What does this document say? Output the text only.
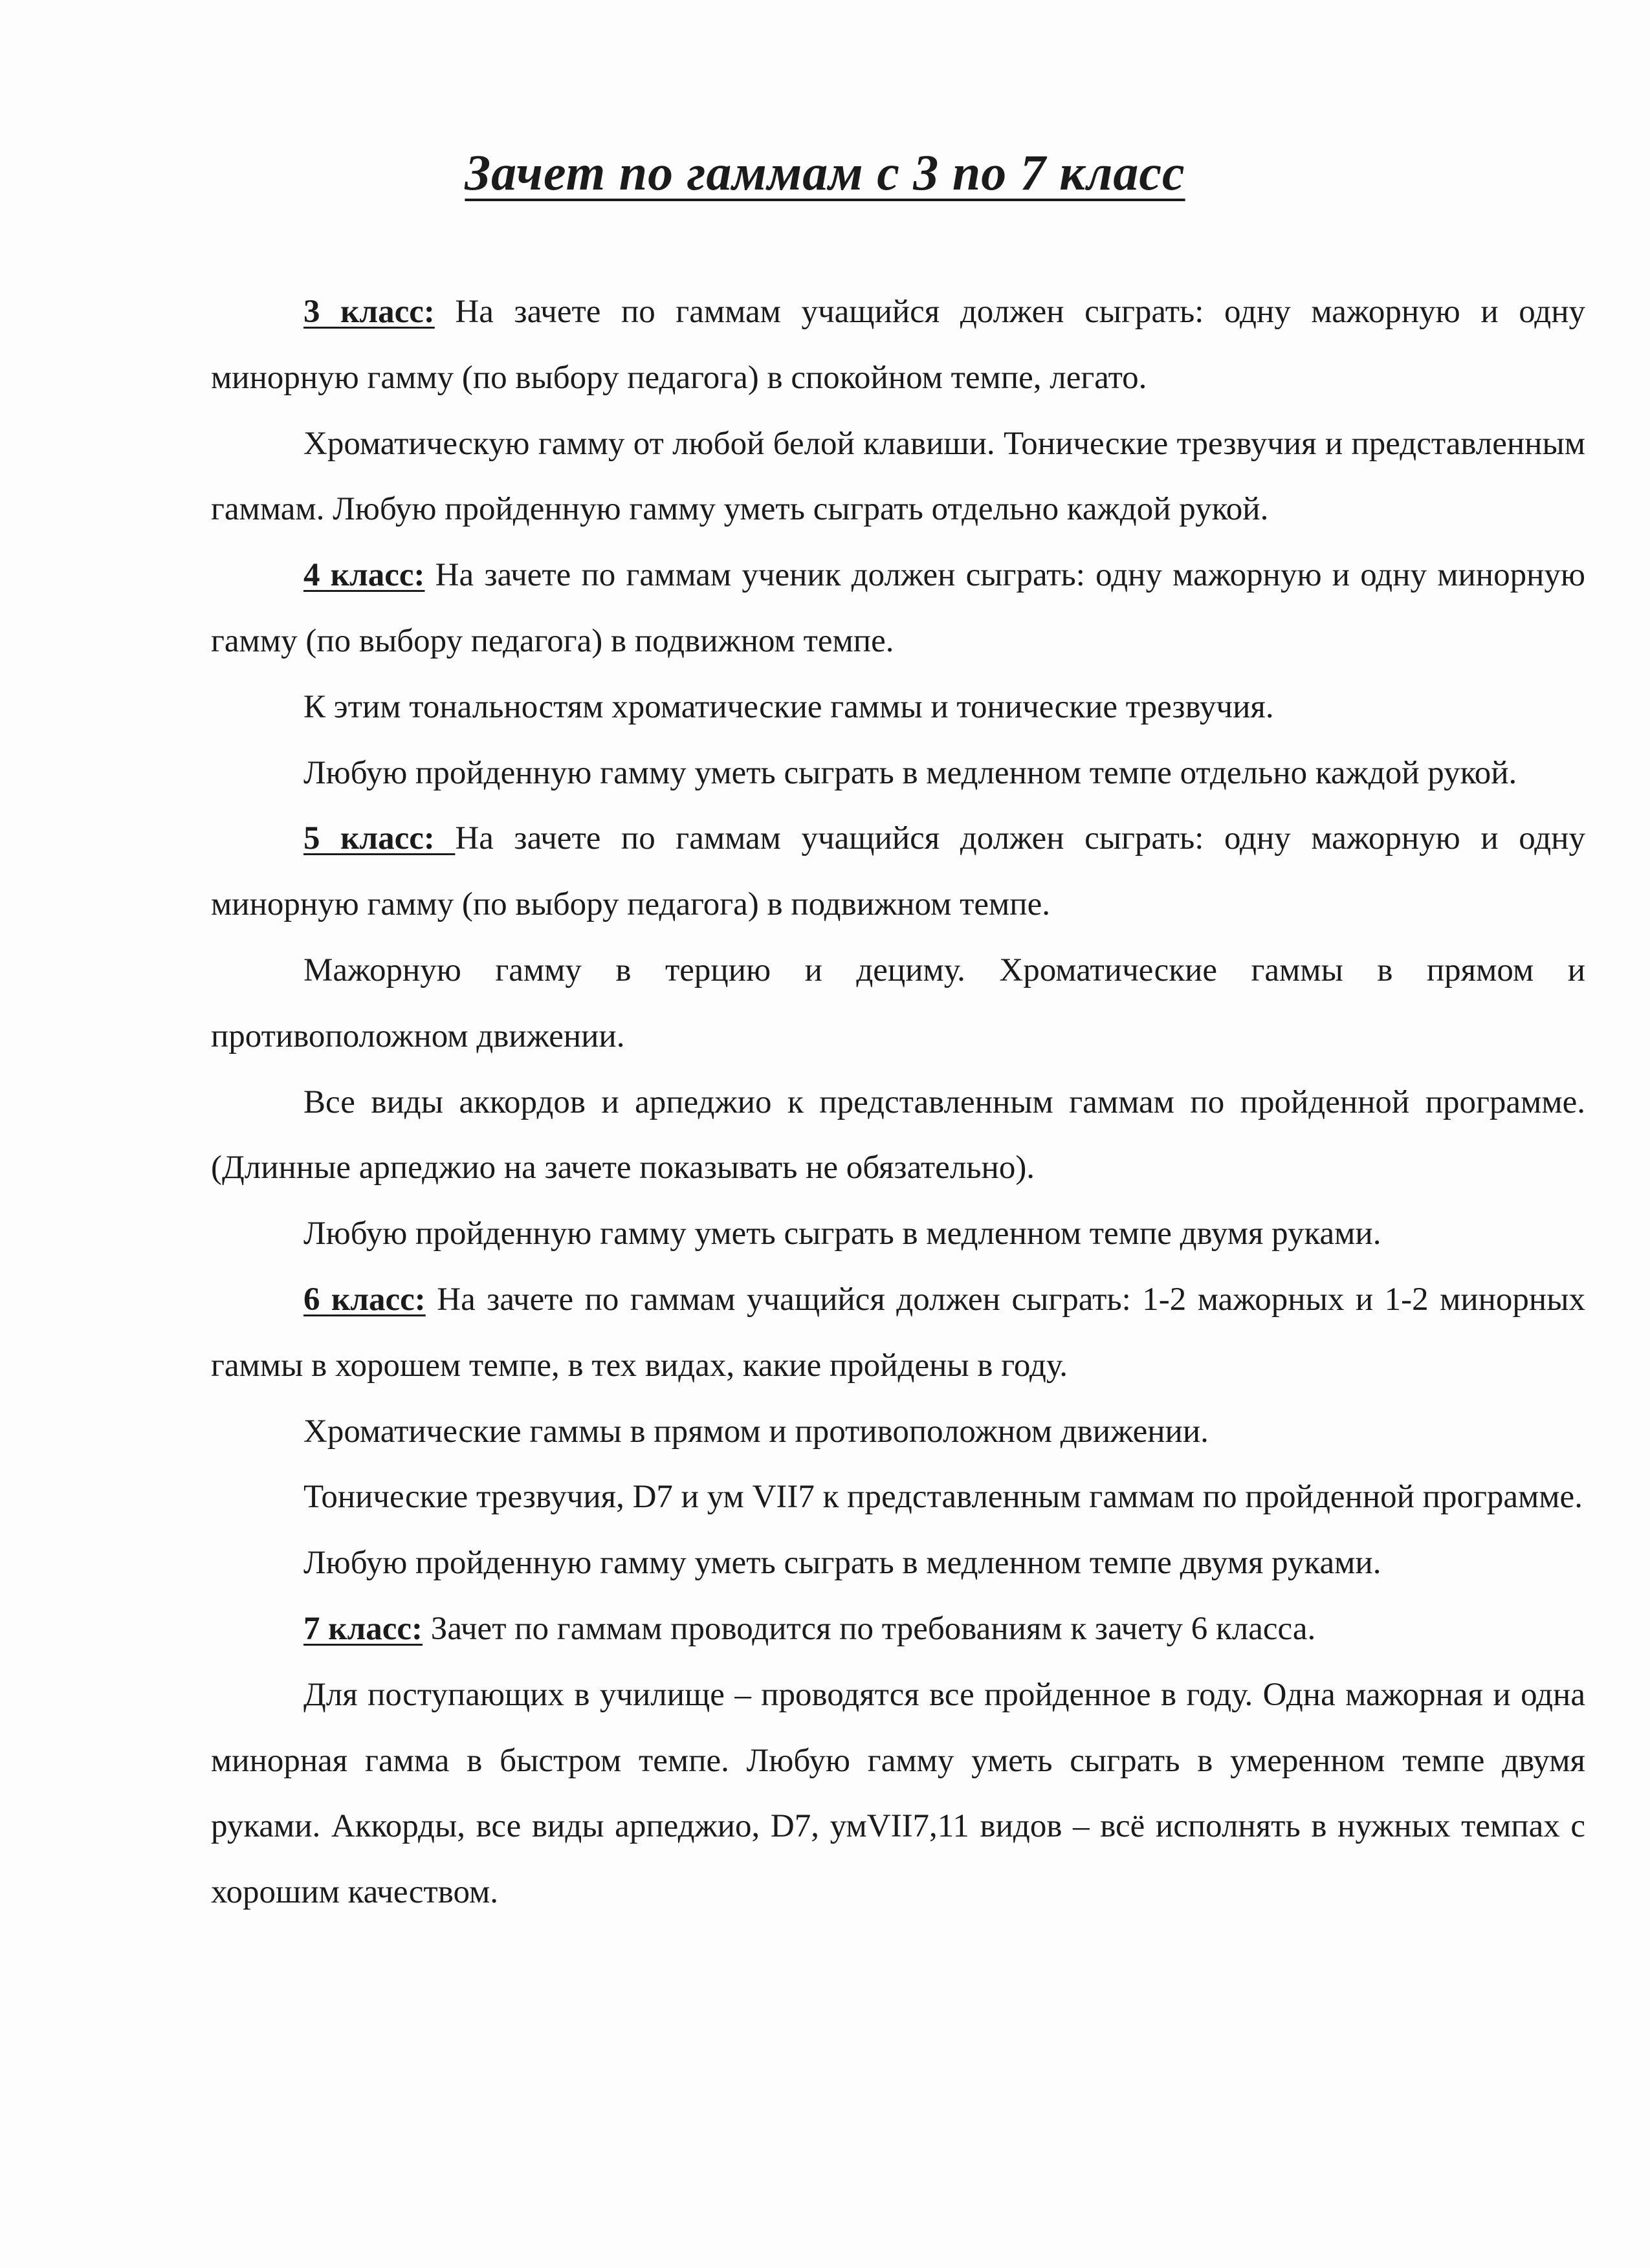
Зачет по гаммам с 3 по 7 класс

3 класс: На зачете по гаммам учащийся должен сыграть: одну мажорную и одну минорную гамму (по выбору педагога) в спокойном темпе, легато.

Хроматическую гамму от любой белой клавиши. Тонические трезвучия и представленным гаммам. Любую пройденную гамму уметь сыграть отдельно каждой рукой.

4 класс: На зачете по гаммам ученик должен сыграть: одну мажорную и одну минорную гамму (по выбору педагога) в подвижном темпе.

К этим тональностям хроматические гаммы и тонические трезвучия.

Любую пройденную гамму уметь сыграть в медленном темпе отдельно каждой рукой.

5 класс: На зачете по гаммам учащийся должен сыграть: одну мажорную и одну минорную гамму (по выбору педагога) в подвижном темпе.

Мажорную гамму в терцию и дециму. Хроматические гаммы в прямом и противоположном движении.

Все виды аккордов и арпеджио к представленным гаммам по пройденной программе. (Длинные арпеджио на зачете показывать не обязательно).

Любую пройденную гамму уметь сыграть в медленном темпе двумя руками.

6 класс: На зачете по гаммам учащийся должен сыграть: 1-2 мажорных и 1-2 минорных гаммы в хорошем темпе, в тех видах, какие пройдены в году.

Хроматические гаммы в прямом и противоположном движении.

Тонические трезвучия, D7 и ум VII7 к представленным гаммам по пройденной программе.

Любую пройденную гамму уметь сыграть в медленном темпе двумя руками.

7 класс: Зачет по гаммам проводится по требованиям к зачету 6 класса.

Для поступающих в училище – проводятся все пройденное в году. Одна мажорная и одна минорная гамма в быстром темпе. Любую гамму уметь сыграть в умеренном темпе двумя руками. Аккорды, все виды арпеджио, D7, умVII7,11 видов – всё исполнять в нужных темпах с хорошим качеством.
